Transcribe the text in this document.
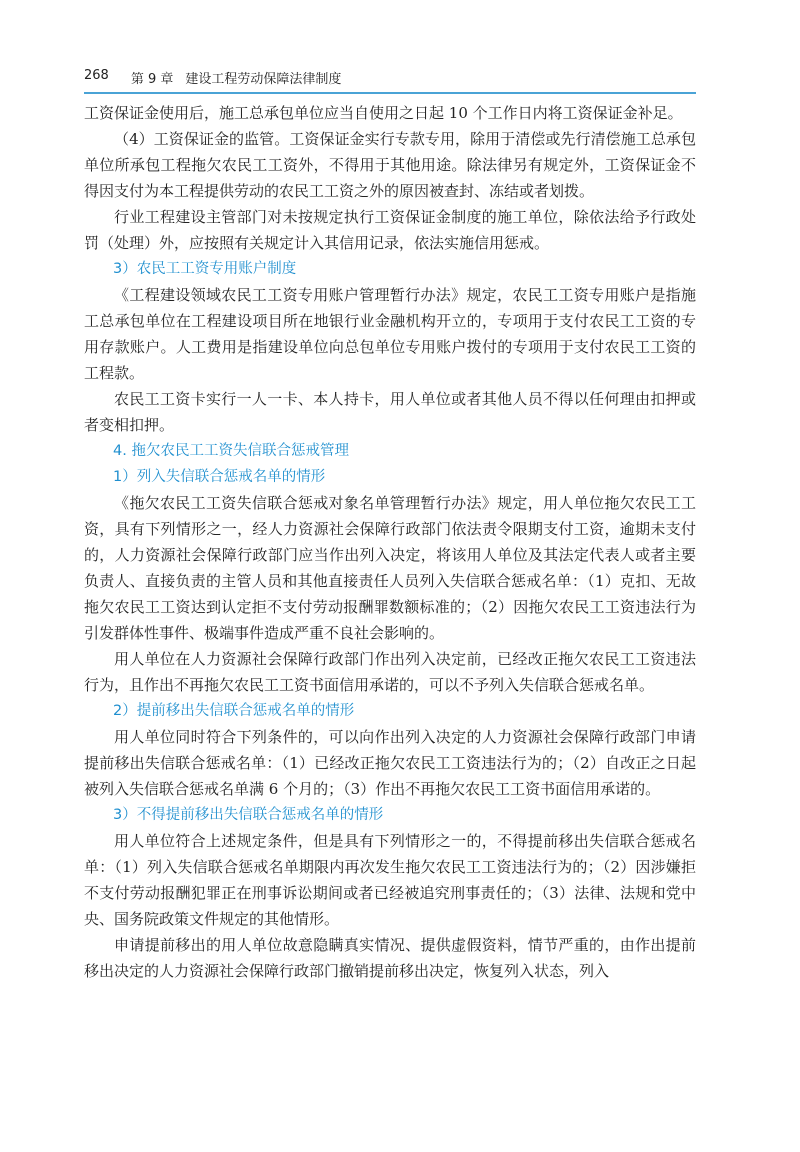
268 第 9 章 建设工程劳动保障法律制度

工资保证金使用后，施工总承包单位应当自使用之日起 10 个工作日内将工资保证金补足。

（4）工资保证金的监管。工资保证金实行专款专用，除用于清偿或先行清偿施工总承包单位所承包工程拖欠农民工工资外，不得用于其他用途。除法律另有规定外，工资保证金不得因支付为本工程提供劳动的农民工工资之外的原因被查封、冻结或者划拨。

行业工程建设主管部门对未按规定执行工资保证金制度的施工单位，除依法给予行政处罚（处理）外，应按照有关规定计入其信用记录，依法实施信用惩戒。

3）农民工工资专用账户制度

《工程建设领域农民工工资专用账户管理暂行办法》规定，农民工工资专用账户是指施工总承包单位在工程建设项目所在地银行业金融机构开立的，专项用于支付农民工工资的专用存款账户。人工费用是指建设单位向总包单位专用账户拨付的专项用于支付农民工工资的工程款。

农民工工资卡实行一人一卡、本人持卡，用人单位或者其他人员不得以任何理由扣押或者变相扣押。

4. 拖欠农民工工资失信联合惩戒管理
1）列入失信联合惩戒名单的情形

《拖欠农民工工资失信联合惩戒对象名单管理暂行办法》规定，用人单位拖欠农民工工资，具有下列情形之一，经人力资源社会保障行政部门依法责令限期支付工资，逾期未支付的，人力资源社会保障行政部门应当作出列入决定，将该用人单位及其法定代表人或者主要负责人、直接负责的主管人员和其他直接责任人员列入失信联合惩戒名单：（1）克扣、无故拖欠农民工工资达到认定拒不支付劳动报酬罪数额标准的；（2）因拖欠农民工工资违法行为引发群体性事件、极端事件造成严重不良社会影响的。

用人单位在人力资源社会保障行政部门作出列入决定前，已经改正拖欠农民工工资违法行为，且作出不再拖欠农民工工资书面信用承诺的，可以不予列入失信联合惩戒名单。

2）提前移出失信联合惩戒名单的情形

用人单位同时符合下列条件的，可以向作出列入决定的人力资源社会保障行政部门申请提前移出失信联合惩戒名单：（1）已经改正拖欠农民工工资违法行为的；（2）自改正之日起被列入失信联合惩戒名单满 6 个月的；（3）作出不再拖欠农民工工资书面信用承诺的。

3）不得提前移出失信联合惩戒名单的情形

用人单位符合上述规定条件，但是具有下列情形之一的，不得提前移出失信联合惩戒名单：（1）列入失信联合惩戒名单期限内再次发生拖欠农民工工资违法行为的；（2）因涉嫌拒不支付劳动报酬犯罪正在刑事诉讼期间或者已经被追究刑事责任的；（3）法律、法规和党中央、国务院政策文件规定的其他情形。

申请提前移出的用人单位故意隐瞒真实情况、提供虚假资料，情节严重的，由作出提前移出决定的人力资源社会保障行政部门撤销提前移出决定，恢复列入状态，列入
